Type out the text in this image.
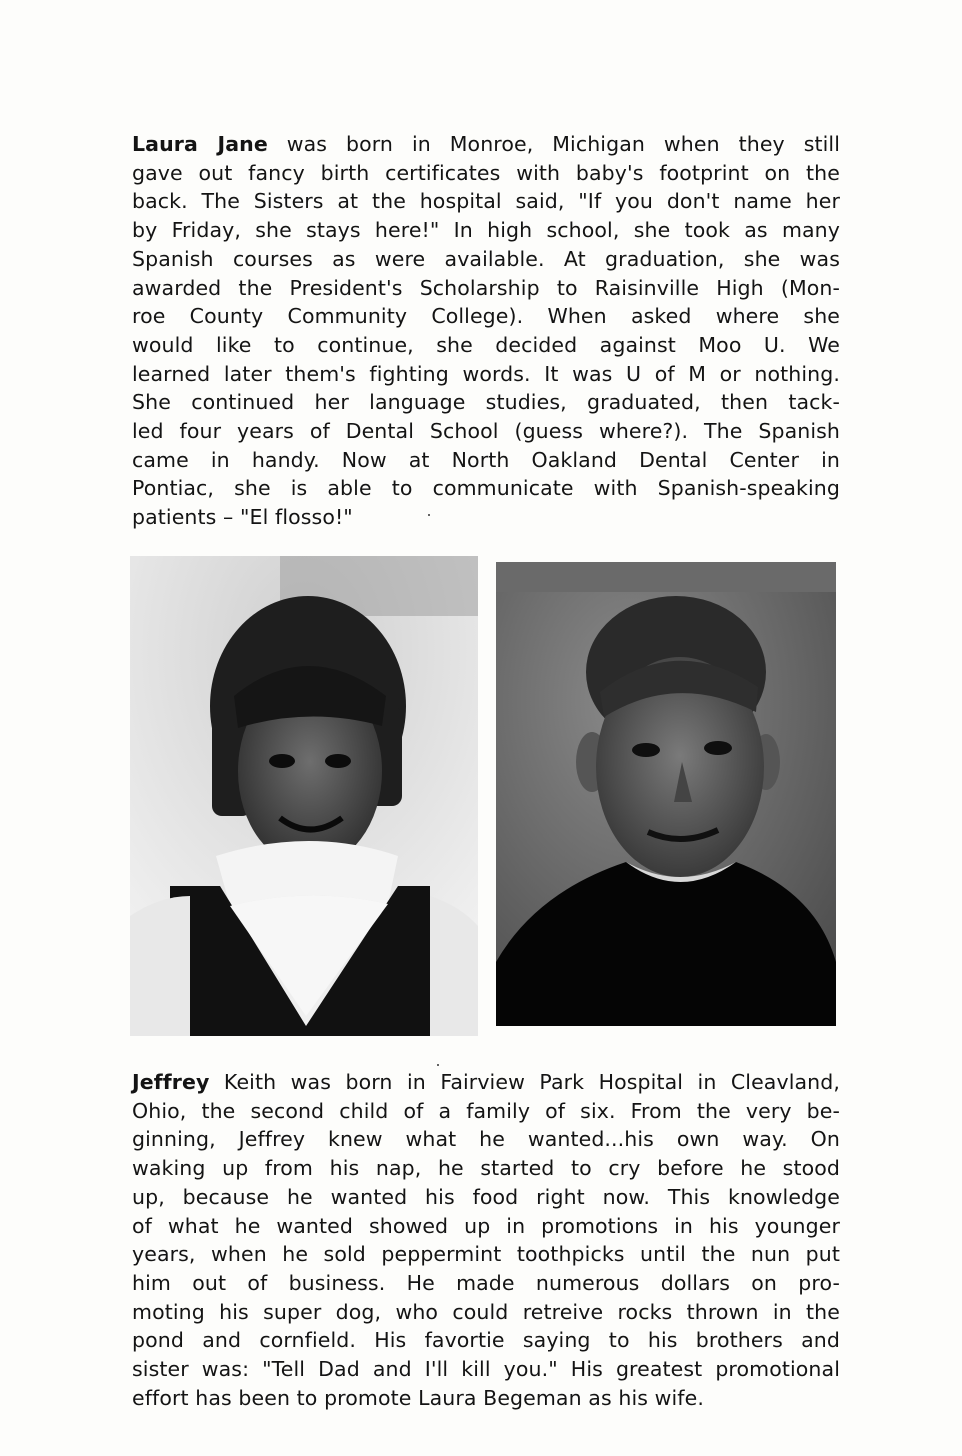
Laura Jane was born in Monroe, Michigan when they still
gave out fancy birth certificates with baby's footprint on the
back. The Sisters at the hospital said, "If you don't name her
by Friday, she stays here!" In high school, she took as many
Spanish courses as were available. At graduation, she was
awarded the President's Scholarship to Raisinville High (Mon-
roe County Community College). When asked where she
would like to continue, she decided against Moo U. We
learned later them's fighting words. It was U of M or nothing.
She continued her language studies, graduated, then tack-
led four years of Dental School (guess where?). The Spanish
came in handy. Now at North Oakland Dental Center in
Pontiac, she is able to communicate with Spanish-speaking
patients – "El flosso!"
Jeffrey Keith was born in Fairview Park Hospital in Cleavland,
Ohio, the second child of a family of six. From the very be-
ginning, Jeffrey knew what he wanted...his own way. On
waking up from his nap, he started to cry before he stood
up, because he wanted his food right now. This knowledge
of what he wanted showed up in promotions in his younger
years, when he sold peppermint toothpicks until the nun put
him out of business. He made numerous dollars on pro-
moting his super dog, who could retreive rocks thrown in the
pond and cornfield. His favortie saying to his brothers and
sister was: "Tell Dad and I'll kill you." His greatest promotional
effort has been to promote Laura Begeman as his wife.
